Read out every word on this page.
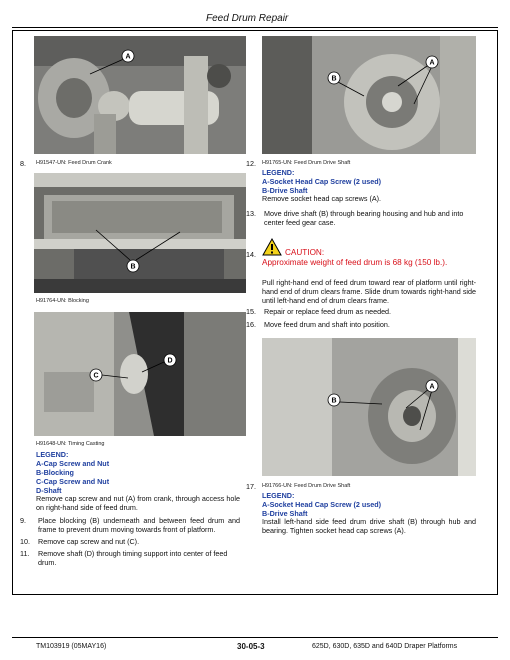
Feed Drum Repair
A
8. H91547-UN: Feed Drum Crank
B
H91764-UN: Blocking
C
D
H91648-UN: Timing Casting
LEGEND:
A-Cap Screw and Nut
B-Blocking
C-Cap Screw and Nut
D-Shaft
Remove cap screw and nut (A) from crank, through access hole on right-hand side of feed drum.
9. Place blocking (B) underneath and between feed drum and frame to prevent drum moving towards front of platform.
10. Remove cap screw and nut (C).
11. Remove shaft (D) through timing support into center of feed drum.
B
A
12. H91765-UN: Feed Drum Drive Shaft
LEGEND:
A-Socket Head Cap Screw (2 used)
B-Drive Shaft
Remove socket head cap screws (A).
13. Move drive shaft (B) through bearing housing and hub and into center feed gear case.
14.	CAUTION:
Approximate weight of feed drum is 68 kg (150 lb.).
Pull right-hand end of feed drum toward rear of platform until right-hand end of drum clears frame. Slide drum towards right-hand side until left-hand end of drum clears frame.
15. Repair or replace feed drum as needed.
16. Move feed drum and shaft into position.
B
A
17. H91766-UN: Feed Drum Drive Shaft
LEGEND:
A-Socket Head Cap Screw (2 used)
B-Drive Shaft
Install left-hand side feed drum drive shaft (B) through hub and bearing. Tighten socket head cap screws (A).
TM103919 (05MAY16)	30-05-3	625D, 630D, 635D and 640D Draper Platforms
